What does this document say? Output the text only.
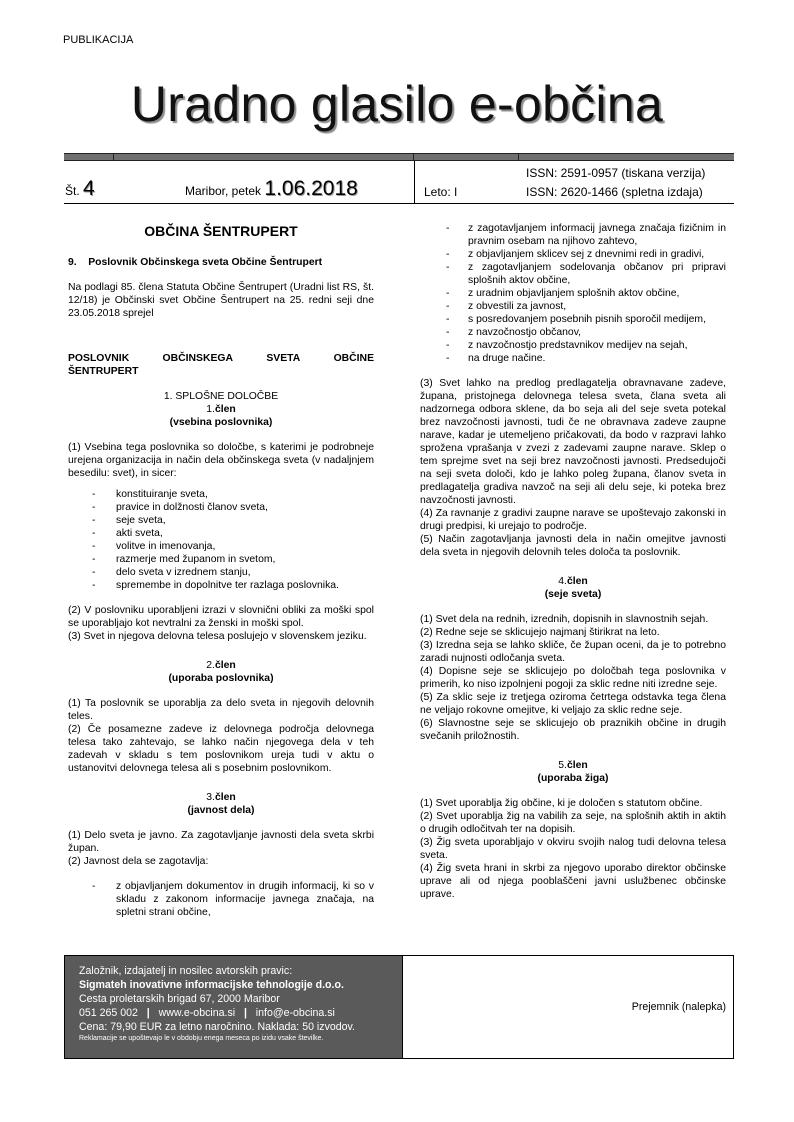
PUBLIKACIJA
Uradno glasilo e-občina
Št. 4	Maribor, petek 1.06.2018	Leto: I
ISSN: 2591-0957 (tiskana verzija)
ISSN: 2620-1466 (spletna izdaja)

OBČINA ŠENTRUPERT

9. Poslovnik Občinskega sveta Občine Šentrupert

Na podlagi 85. člena Statuta Občine Šentrupert (Uradni list RS, št. 12/18) je Občinski svet Občine Šentrupert na 25. redni seji dne 23.05.2018 sprejel

POSLOVNIK  OBČINSKEGA  SVETA  OBČINE

ŠENTRUPERT

1. SPLOŠNE DOLOČBE

1.člen

(vsebina poslovnika)

(1) Vsebina tega poslovnika so določbe, s katerimi je podrobneje urejena organizacija in način dela občinskega sveta (v nadaljnjem besedilu: svet), in sicer:

- konstituiranje sveta,
- pravice in dolžnosti članov sveta,
- seje sveta,
- akti sveta,
- volitve in imenovanja,
- razmerje med županom in svetom,
- delo sveta v izrednem stanju,
- spremembe in dopolnitve ter razlaga poslovnika.

(2) V poslovniku uporabljeni izrazi v slovnični obliki za moški spol se uporabljajo kot nevtralni za ženski in moški spol.

(3) Svet in njegova delovna telesa poslujejo v slovenskem jeziku.

2.člen

(uporaba poslovnika)

(1) Ta poslovnik se uporablja za delo sveta in njegovih delovnih teles.

(2) Če posamezne zadeve iz delovnega področja delovnega telesa tako zahtevajo, se lahko način njegovega dela v teh zadevah v skladu s tem poslovnikom ureja tudi v aktu o ustanovitvi delovnega telesa ali s posebnim poslovnikom.

3.člen

(javnost dela)

(1) Delo sveta je javno. Za zagotavljanje javnosti dela sveta skrbi župan.

(2) Javnost dela se zagotavlja:

- z objavljanjem dokumentov in drugih informacij, ki so v skladu z zakonom informacije javnega značaja, na spletni strani občine,
- z zagotavljanjem informacij javnega značaja fizičnim in pravnim osebam na njihovo zahtevo,
- z objavljanjem sklicev sej z dnevnimi redi in gradivi,
- z zagotavljanjem sodelovanja občanov pri pripravi splošnih aktov občine,
- z uradnim objavljanjem splošnih aktov občine,
- z obvestili za javnost,
- s posredovanjem posebnih pisnih sporočil medijem,
- z navzočnostjo občanov,
- z navzočnostjo predstavnikov medijev na sejah,
- na druge načine.

(3) Svet lahko na predlog predlagatelja obravnavane zadeve, župana, pristojnega delovnega telesa sveta, člana sveta ali nadzornega odbora sklene, da bo seja ali del seje sveta potekal brez navzočnosti javnosti, tudi če ne obravnava zadeve zaupne narave, kadar je utemeljeno pričakovati, da bodo v razpravi lahko sprožena vprašanja v zvezi z zadevami zaupne narave. Sklep o tem sprejme svet na seji brez navzočnosti javnosti. Predsedujoči na seji sveta določi, kdo je lahko poleg župana, članov sveta in predlagatelja gradiva navzoč na seji ali delu seje, ki poteka brez navzočnosti javnosti.

(4) Za ravnanje z gradivi zaupne narave se upoštevajo zakonski in drugi predpisi, ki urejajo to področje.

(5) Način zagotavljanja javnosti dela in način omejitve javnosti dela sveta in njegovih delovnih teles določa ta poslovnik.

4.člen

(seje sveta)

(1) Svet dela na rednih, izrednih, dopisnih in slavnostnih sejah.

(2) Redne seje se sklicujejo najmanj štirikrat na leto.

(3) Izredna seja se lahko skliče, če župan oceni, da je to potrebno zaradi nujnosti odločanja sveta.

(4) Dopisne seje se sklicujejo po določbah tega poslovnika v primerih, ko niso izpolnjeni pogoji za sklic redne niti izredne seje.

(5) Za sklic seje iz tretjega oziroma četrtega odstavka tega člena ne veljajo rokovne omejitve, ki veljajo za sklic redne seje.

(6) Slavnostne seje se sklicujejo ob praznikih občine in drugih svečanih priložnostih.

5.člen

(uporaba žiga)

(1) Svet uporablja žig občine, ki je določen s statutom občine.

(2) Svet uporablja žig na vabilih za seje, na splošnih aktih in aktih o drugih odločitvah ter na dopisih.

(3) Žig sveta uporabljajo v okviru svojih nalog tudi delovna telesa sveta.

(4) Žig sveta hrani in skrbi za njegovo uporabo direktor občinske uprave ali od njega pooblaščeni javni uslužbenec občinske uprave.

Založnik, izdajatelj in nosilec avtorskih pravic:
Sigmateh inovativne informacijske tehnologije d.o.o.
Cesta proletarskih brigad 67, 2000 Maribor
051 265 002 | www.e-obcina.si | info@e-obcina.si
Cena: 79,90 EUR za letno naročnino. Naklada: 50 izvodov.
Reklamacije se upoštevajo le v obdobju enega meseca po izidu vsake številke.
Prejemnik (nalepka)
